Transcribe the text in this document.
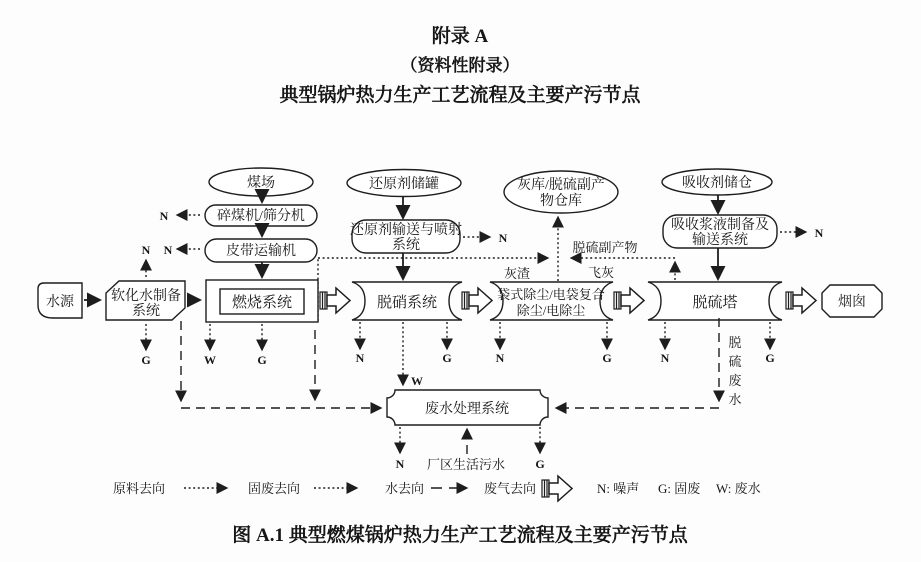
附录 A
（资料性附录）
典型锅炉热力生产工艺流程及主要产污节点
煤场
碎煤机/筛分机
皮带运输机
N
N
N
还原剂储罐
还原剂输送与喷射
系统	N
灰库/脱硫副产
物仓库
吸收剂储仓
吸收浆液制备及
输送系统	N
灰渣	飞灰
脱硫副产物
水源	软化水制备
系统
燃烧系统	脱硝系统
袋式除尘/电袋复合
除尘/电除尘	脱硫塔	烟囱
G	W	G	N	G
W
N	G	N	G
脱
硫
废
水
废水处理系统
N	G
厂区生活污水
原料去向	固废去向	水去向	废气去向	N: 噪声 G: 固废 W: 废水
图 A.1 典型燃煤锅炉热力生产工艺流程及主要产污节点
